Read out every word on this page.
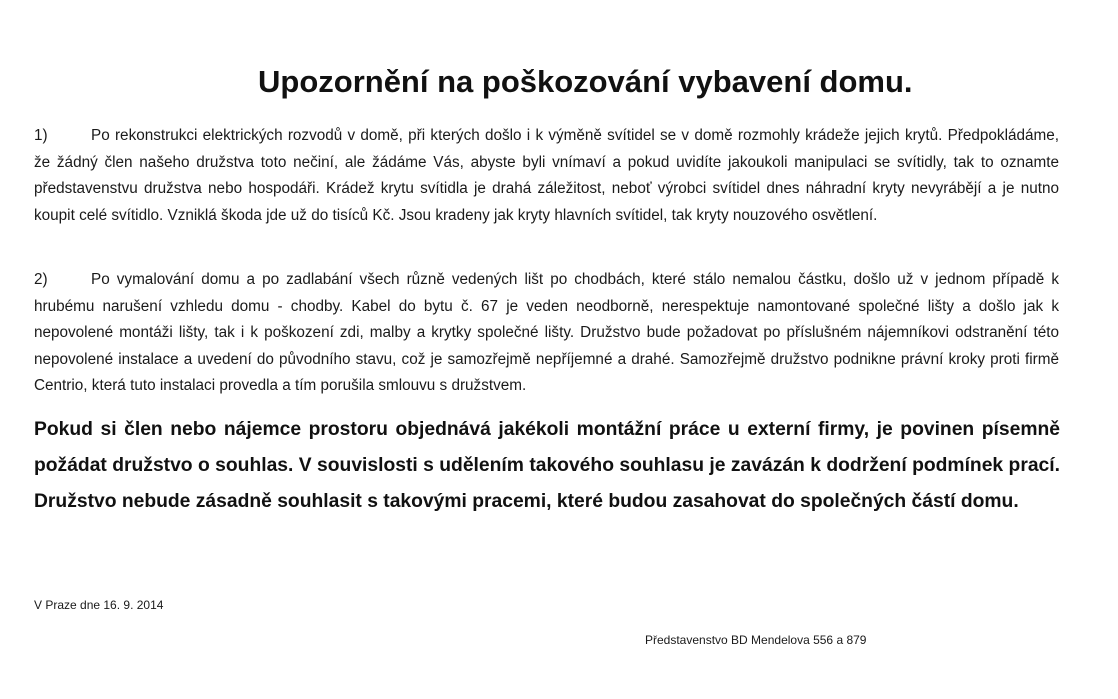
Upozornění na poškozování vybavení domu.

1)	Po rekonstrukci elektrických rozvodů v domě, při kterých došlo i k výměně svítidel se v domě rozmohly krádeže jejich krytů. Předpokládáme, že žádný člen našeho družstva toto nečiní, ale žádáme Vás, abyste byli vnímaví a pokud uvidíte jakoukoli manipulaci se svítidly, tak to oznamte představenstvu družstva nebo hospodáři. Krádež krytu svítidla je drahá záležitost, neboť výrobci svítidel dnes náhradní kryty nevyrábějí a je nutno koupit celé svítidlo. Vzniklá škoda jde už do tisíců Kč. Jsou kradeny jak kryty hlavních svítidel, tak kryty nouzového osvětlení.

2)	Po vymalování domu a po zadlabání všech různě vedených lišt po chodbách, které stálo nemalou částku, došlo už v jednom případě k hrubému narušení vzhledu domu - chodby. Kabel do bytu č. 67 je veden neodborně, nerespektuje namontované společné lišty a došlo jak k nepovolené montáži lišty, tak i k poškození zdi, malby a krytky společné lišty. Družstvo bude požadovat po příslušném nájemníkovi odstranění této nepovolené instalace a uvedení do původního stavu, což je samozřejmě nepříjemné a drahé. Samozřejmě družstvo podnikne právní kroky proti firmě Centrio, která tuto instalaci provedla a tím porušila smlouvu s družstvem.

Pokud si člen nebo nájemce prostoru objednává jakékoli montážní práce u externí firmy, je povinen písemně požádat družstvo o souhlas. V souvislosti s udělením takového souhlasu je zavázán k dodržení podmínek prací. Družstvo nebude zásadně souhlasit s takovými pracemi, které budou zasahovat do společných částí domu.

V Praze dne 16. 9. 2014

Představenstvo BD Mendelova 556 a 879
